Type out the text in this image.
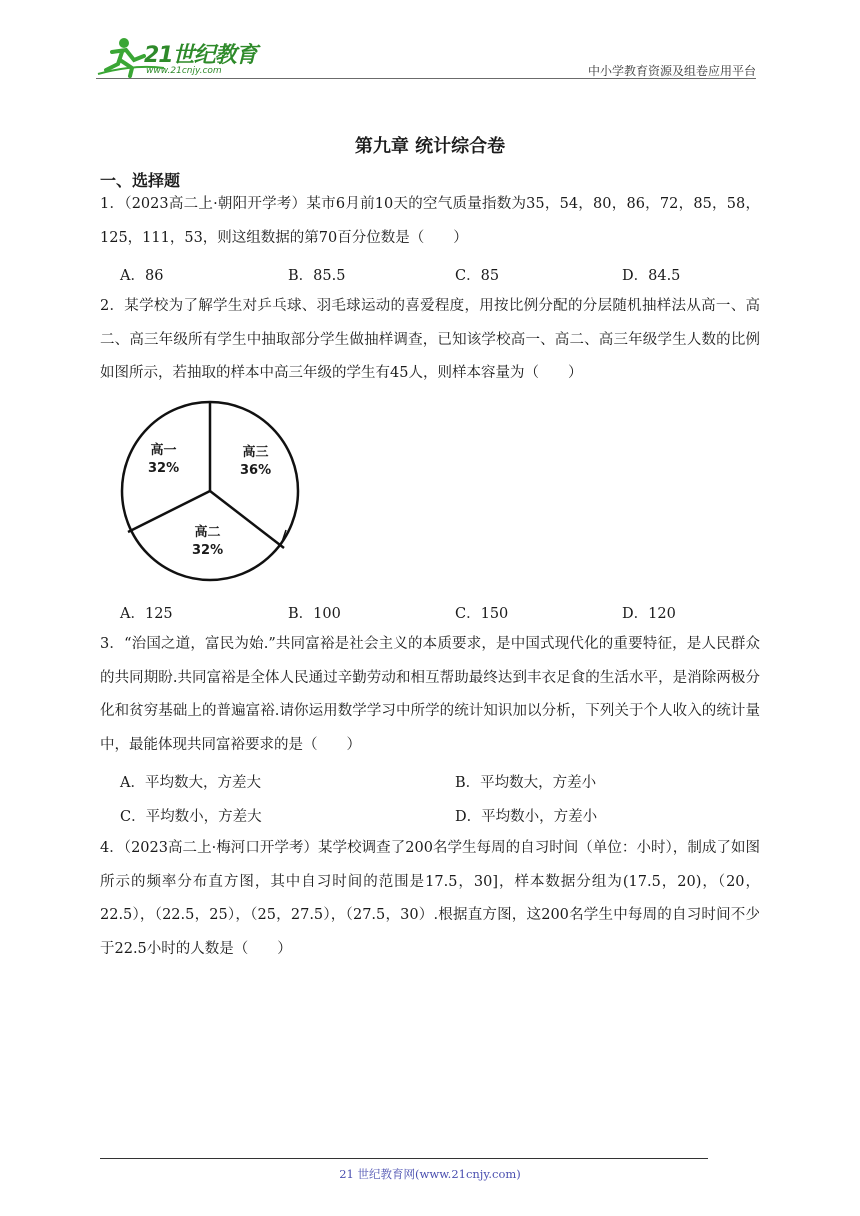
21世纪教育
www.21cnjy.com	中小学教育资源及组卷应用平台
第九章 统计综合卷
一、选择题
1．（2023高二上·朝阳开学考）某市6月前10天的空气质量指数为35，54，80，86，72，85，58，125，111，53，则这组数据的第70百分位数是（　　）
A．86	B．85.5	C．85	D．84.5
2．某学校为了解学生对乒乓球、羽毛球运动的喜爱程度，用按比例分配的分层随机抽样法从高一、高二、高三年级所有学生中抽取部分学生做抽样调查，已知该学校高一、高二、高三年级学生人数的比例如图所示，若抽取的样本中高三年级的学生有45人，则样本容量为（　　）
高一
32%
高三
36%
高二
32%
A．125	B．100	C．150	D．120
3．“治国之道，富民为始.”共同富裕是社会主义的本质要求，是中国式现代化的重要特征，是人民群众的共同期盼.共同富裕是全体人民通过辛勤劳动和相互帮助最终达到丰衣足食的生活水平，是消除两极分化和贫穷基础上的普遍富裕.请你运用数学学习中所学的统计知识加以分析，下列关于个人收入的统计量中，最能体现共同富裕要求的是（　　）
A．平均数大，方差大	B．平均数大，方差小
C．平均数小，方差大	D．平均数小，方差小
4．（2023高二上·梅河口开学考）某学校调查了200名学生每周的自习时间（单位：小时），制成了如图所示的频率分布直方图，其中自习时间的范围是17.5，30]，样本数据分组为(17.5，20)，（20，22.5），（22.5，25），（25，27.5），（27.5，30）.根据直方图，这200名学生中每周的自习时间不少于22.5小时的人数是（　　）
21 世纪教育网(www.21cnjy.com)
